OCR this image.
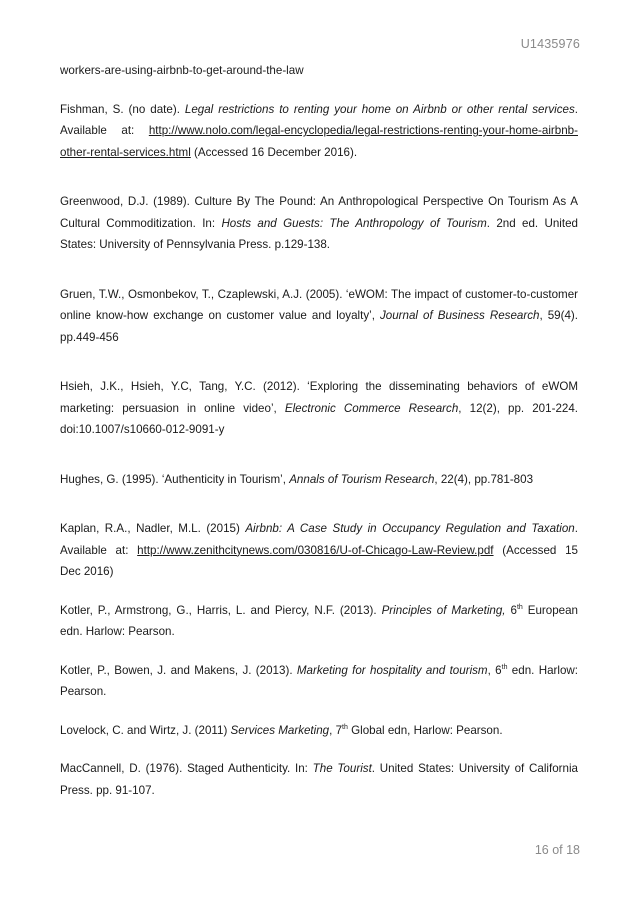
U1435976

workers-are-using-airbnb-to-get-around-the-law

Fishman, S. (no date). Legal restrictions to renting your home on Airbnb or other rental services. Available at: http://www.nolo.com/legal-encyclopedia/legal-restrictions-renting-your-home-airbnb-other-rental-services.html (Accessed 16 December 2016).

Greenwood, D.J. (1989). Culture By The Pound: An Anthropological Perspective On Tourism As A Cultural Commoditization. In: Hosts and Guests: The Anthropology of Tourism. 2nd ed. United States: University of Pennsylvania Press. p.129-138.

Gruen, T.W., Osmonbekov, T., Czaplewski, A.J. (2005). ‘eWOM: The impact of customer-to-customer online know-how exchange on customer value and loyalty’, Journal of Business Research, 59(4). pp.449-456

Hsieh, J.K., Hsieh, Y.C, Tang, Y.C. (2012). ‘Exploring the disseminating behaviors of eWOM marketing: persuasion in online video’, Electronic Commerce Research, 12(2), pp. 201-224. doi:10.1007/s10660-012-9091-y

Hughes, G. (1995). ‘Authenticity in Tourism’, Annals of Tourism Research, 22(4), pp.781-803

Kaplan, R.A., Nadler, M.L. (2015) Airbnb: A Case Study in Occupancy Regulation and Taxation. Available at: http://www.zenithcitynews.com/030816/U-of-Chicago-Law-Review.pdf (Accessed 15 Dec 2016)

Kotler, P., Armstrong, G., Harris, L. and Piercy, N.F. (2013). Principles of Marketing, 6th European edn. Harlow: Pearson.

Kotler, P., Bowen, J. and Makens, J. (2013). Marketing for hospitality and tourism, 6th edn. Harlow: Pearson.

Lovelock, C. and Wirtz, J. (2011) Services Marketing, 7th Global edn, Harlow: Pearson.

MacCannell, D. (1976). Staged Authenticity. In: The Tourist. United States: University of California Press. pp. 91-107.

16 of 18
